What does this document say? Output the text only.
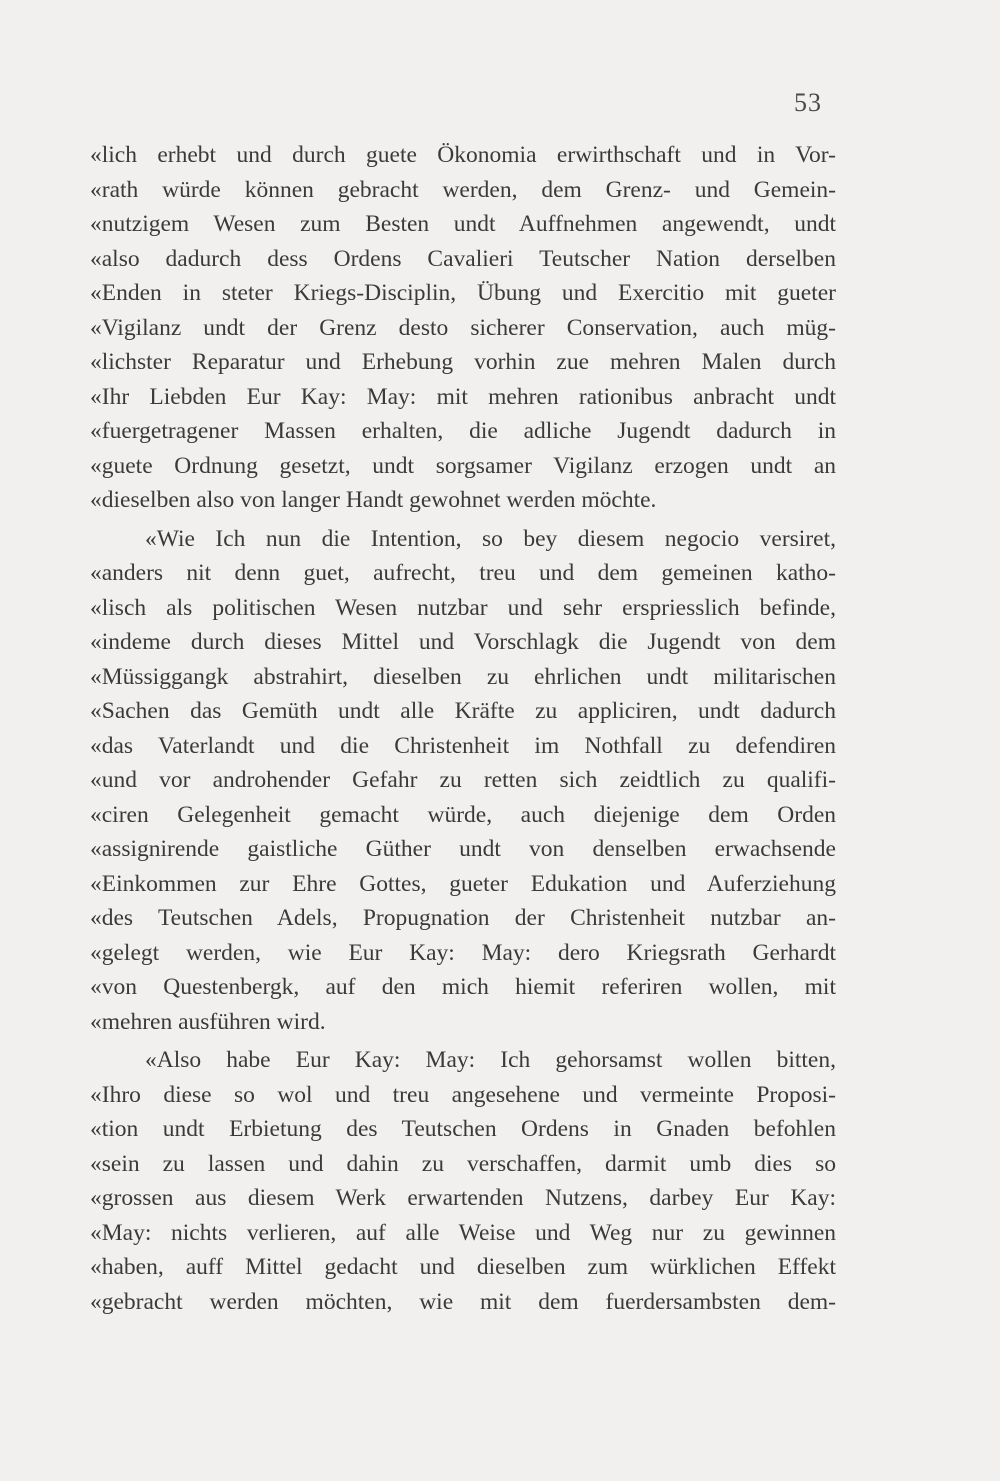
53
«lich erhebt und durch guete Ökonomia erwirthschaft und in Vor-
«rath würde können gebracht werden, dem Grenz- und Gemein-
«nutzigem Wesen zum Besten undt Auffnehmen angewendt, undt
«also dadurch dess Ordens Cavalieri Teutscher Nation derselben
«Enden in steter Kriegs-Disciplin, Übung und Exercitio mit gueter
«Vigilanz undt der Grenz desto sicherer Conservation, auch müg-
«lichster Reparatur und Erhebung vorhin zue mehren Malen durch
«Ihr Liebden Eur Kay: May: mit mehren rationibus anbracht undt
«fuergetragener Massen erhalten, die adliche Jugendt dadurch in
«guete Ordnung gesetzt, undt sorgsamer Vigilanz erzogen undt an
«dieselben also von langer Handt gewohnet werden möchte.
«Wie Ich nun die Intention, so bey diesem negocio versiret,
«anders nit denn guet, aufrecht, treu und dem gemeinen katho-
«lisch als politischen Wesen nutzbar und sehr erspriesslich befinde,
«indeme durch dieses Mittel und Vorschlagk die Jugendt von dem
«Müssiggangk abstrahirt, dieselben zu ehrlichen undt militarischen
«Sachen das Gemüth undt alle Kräfte zu appliciren, undt dadurch
«das Vaterlandt und die Christenheit im Nothfall zu defendiren
«und vor androhender Gefahr zu retten sich zeidtlich zu qualifi-
«ciren Gelegenheit gemacht würde, auch diejenige dem Orden
«assignirende gaistliche Güther undt von denselben erwachsende
«Einkommen zur Ehre Gottes, gueter Edukation und Auferziehung
«des Teutschen Adels, Propugnation der Christenheit nutzbar an-
«gelegt werden, wie Eur Kay: May: dero Kriegsrath Gerhardt
«von Questenbergk, auf den mich hiemit referiren wollen, mit
«mehren ausführen wird.
«Also habe Eur Kay: May: Ich gehorsamst wollen bitten,
«Ihro diese so wol und treu angesehene und vermeinte Proposi-
«tion undt Erbietung des Teutschen Ordens in Gnaden befohlen
«sein zu lassen und dahin zu verschaffen, darmit umb dies so
«grossen aus diesem Werk erwartenden Nutzens, darbey Eur Kay:
«May: nichts verlieren, auf alle Weise und Weg nur zu gewinnen
«haben, auff Mittel gedacht und dieselben zum würklichen Effekt
«gebracht werden möchten, wie mit dem fuerdersambsten dem-
